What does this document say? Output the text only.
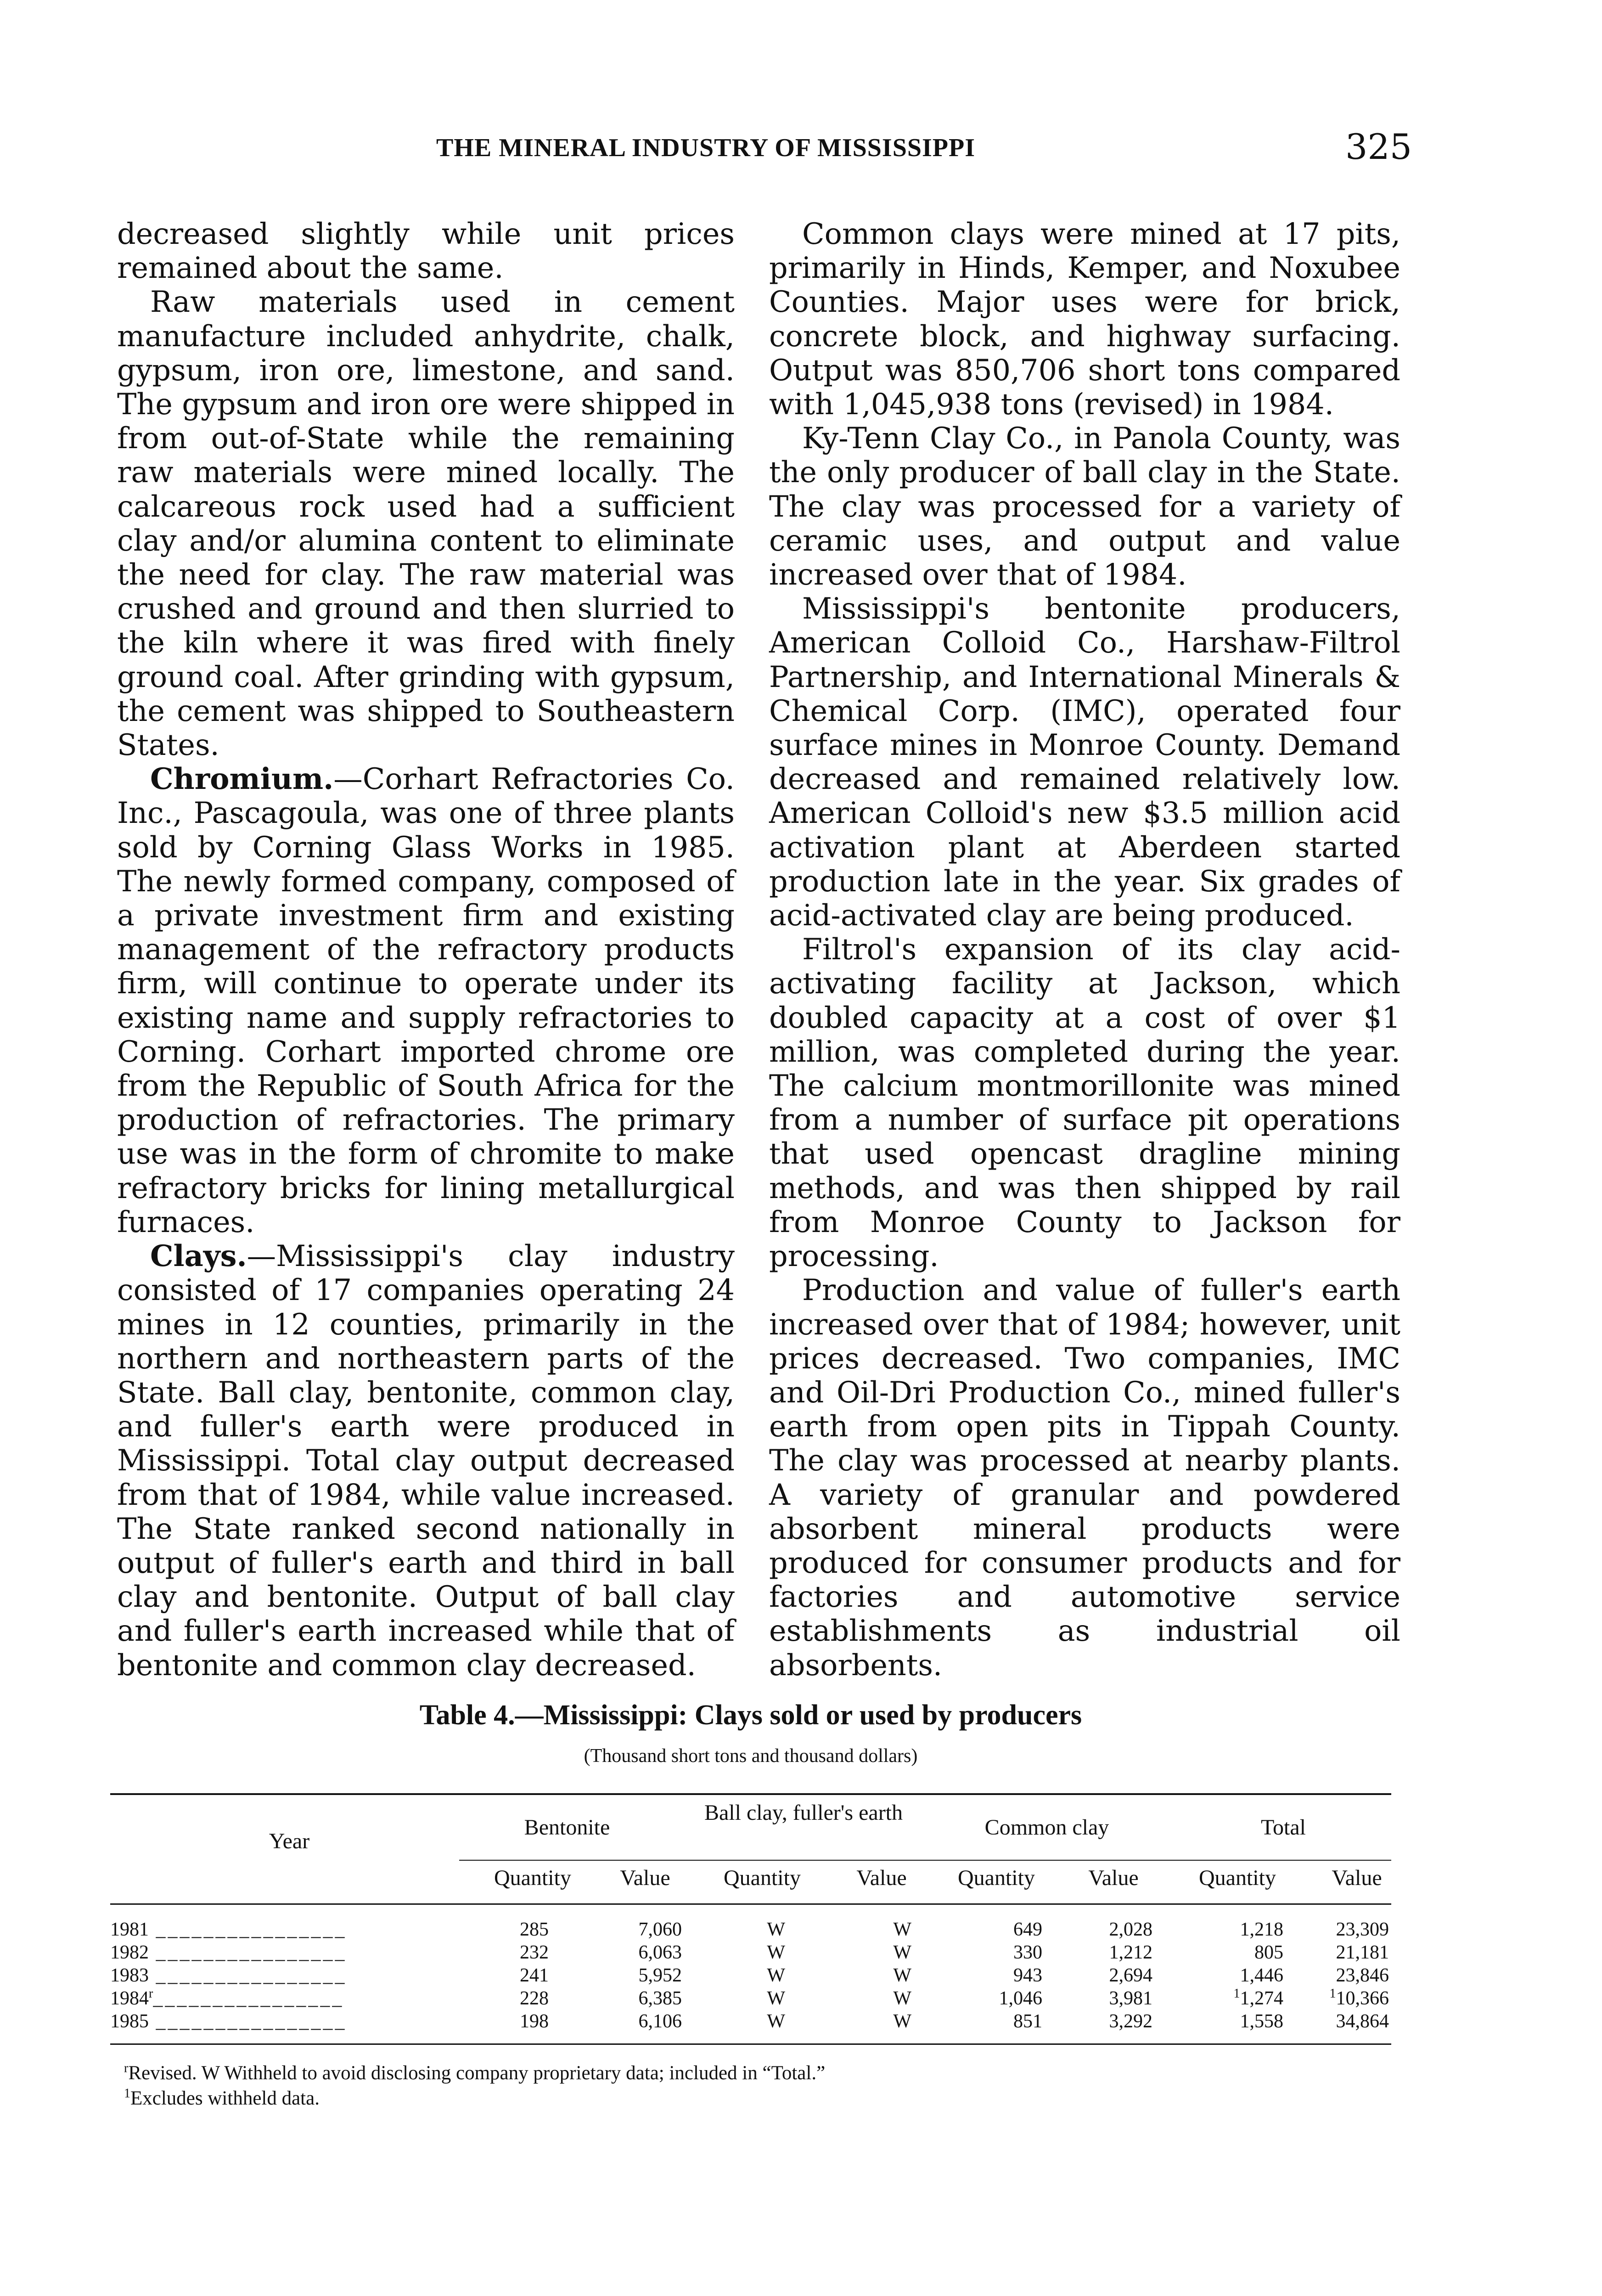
THE MINERAL INDUSTRY OF MISSISSIPPI	325

decreased slightly while unit prices remained about the same.

Raw materials used in cement manufacture included anhydrite, chalk, gypsum, iron ore, limestone, and sand. The gypsum and iron ore were shipped in from out-of-State while the remaining raw materials were mined locally. The calcareous rock used had a sufficient clay and/or alumina content to eliminate the need for clay. The raw material was crushed and ground and then slurried to the kiln where it was fired with finely ground coal. After grinding with gypsum, the cement was shipped to Southeastern States.

Chromium.—Corhart Refractories Co. Inc., Pascagoula, was one of three plants sold by Corning Glass Works in 1985. The newly formed company, composed of a private investment firm and existing management of the refractory products firm, will continue to operate under its existing name and supply refractories to Corning. Corhart imported chrome ore from the Republic of South Africa for the production of refractories. The primary use was in the form of chromite to make refractory bricks for lining metallurgical furnaces.

Clays.—Mississippi's clay industry consisted of 17 companies operating 24 mines in 12 counties, primarily in the northern and northeastern parts of the State. Ball clay, bentonite, common clay, and fuller's earth were produced in Mississippi. Total clay output decreased from that of 1984, while value increased. The State ranked second nationally in output of fuller's earth and third in ball clay and bentonite. Output of ball clay and fuller's earth increased while that of bentonite and common clay decreased.

Common clays were mined at 17 pits, primarily in Hinds, Kemper, and Noxubee Counties. Major uses were for brick, concrete block, and highway surfacing. Output was 850,706 short tons compared with 1,045,938 tons (revised) in 1984.

Ky-Tenn Clay Co., in Panola County, was the only producer of ball clay in the State. The clay was processed for a variety of ceramic uses, and output and value increased over that of 1984.

Mississippi's bentonite producers, American Colloid Co., Harshaw-Filtrol Partnership, and International Minerals & Chemical Corp. (IMC), operated four surface mines in Monroe County. Demand decreased and remained relatively low. American Colloid's new $3.5 million acid activation plant at Aberdeen started production late in the year. Six grades of acid-activated clay are being produced.

Filtrol's expansion of its clay acid-activating facility at Jackson, which doubled capacity at a cost of over $1 million, was completed during the year. The calcium montmorillonite was mined from a number of surface pit operations that used opencast dragline mining methods, and was then shipped by rail from Monroe County to Jackson for processing.

Production and value of fuller's earth increased over that of 1984; however, unit prices decreased. Two companies, IMC and Oil-Dri Production Co., mined fuller's earth from open pits in Tippah County. The clay was processed at nearby plants. A variety of granular and powdered absorbent mineral products were produced for consumer products and for factories and automotive service establishments as industrial oil absorbents.

Table 4.—Mississippi: Clays sold or used by producers
(Thousand short tons and thousand dollars)
Year
Bentonite
Ball clay, fuller's earth
Common clay	Total
Quantity	Value	Quantity	Value	Quantity	Value	Quantity	Value
1981 ________________	285	7,060	W	W	649	2,028	1,218	23,309
1982 ________________	232	6,063	W	W	330	1,212	805	21,181
1983 ________________	241	5,952	W	W	943	2,694	1,446	23,846
1984$^r$________________	228	6,385	W	W	1,046	3,981	$^1$1,274	$^1$10,366
1985 ________________	198	6,106	W	W	851	3,292	1,558	34,864
$^r$Revised. W Withheld to avoid disclosing company proprietary data; included in “Total.”
$^1$Excludes withheld data.
